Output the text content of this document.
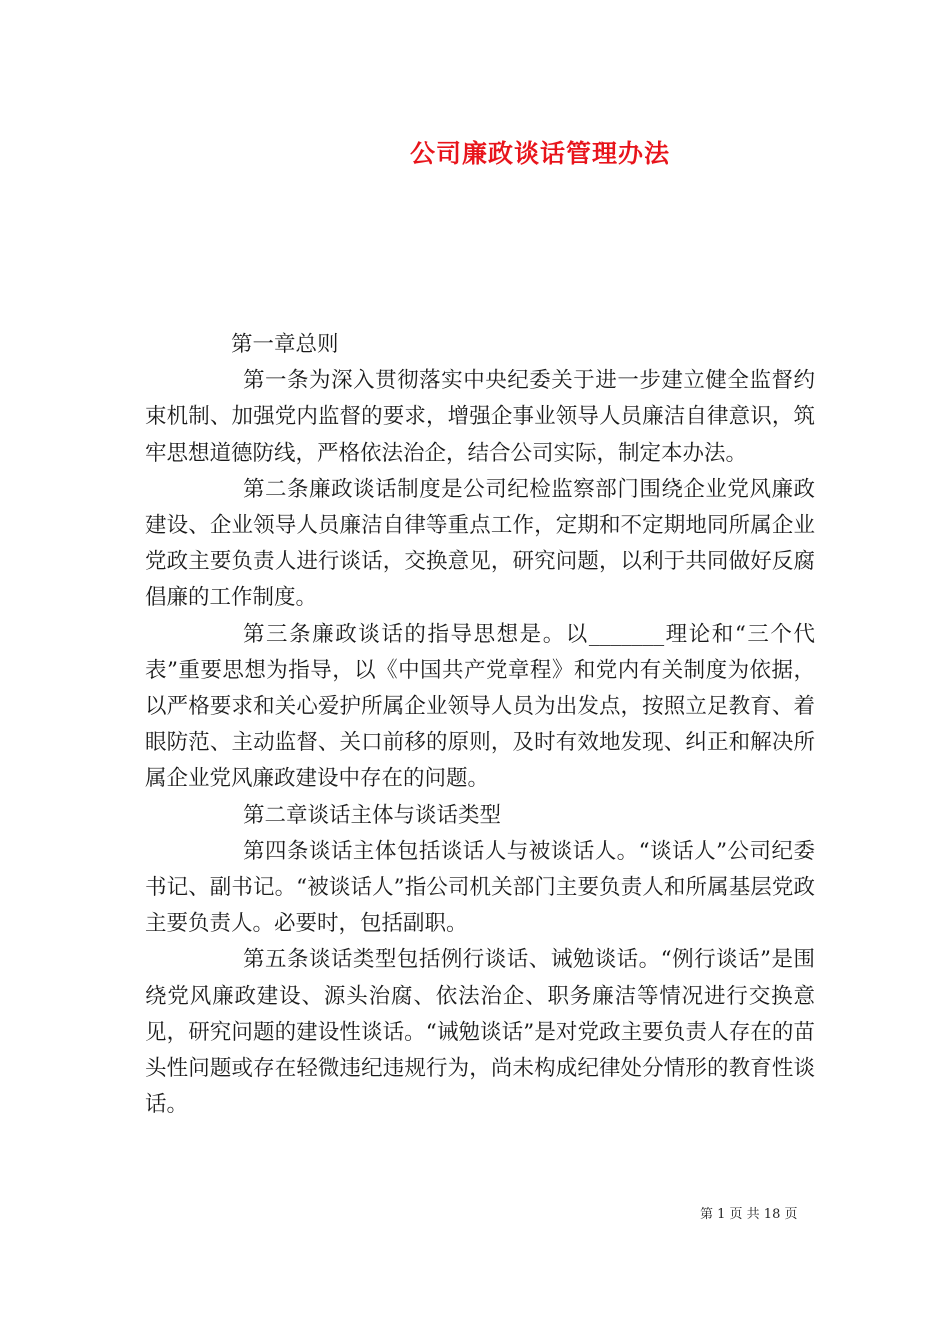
公司廉政谈话管理办法

第一章总则

第一条为深入贯彻落实中央纪委关于进一步建立健全监督约束机制、加强党内监督的要求，增强企事业领导人员廉洁自律意识，筑牢思想道德防线，严格依法治企，结合公司实际，制定本办法。

第二条廉政谈话制度是公司纪检监察部门围绕企业党风廉政建设、企业领导人员廉洁自律等重点工作，定期和不定期地同所属企业党政主要负责人进行谈话，交换意见，研究问题，以利于共同做好反腐倡廉的工作制度。

第三条廉政谈话的指导思想是。以_______理论和“三个代表”重要思想为指导，以《中国共产党章程》和党内有关制度为依据，以严格要求和关心爱护所属企业领导人员为出发点，按照立足教育、着眼防范、主动监督、关口前移的原则，及时有效地发现、纠正和解决所属企业党风廉政建设中存在的问题。

第二章谈话主体与谈话类型

第四条谈话主体包括谈话人与被谈话人。“谈话人”公司纪委书记、副书记。“被谈话人”指公司机关部门主要负责人和所属基层党政主要负责人。必要时，包括副职。

第五条谈话类型包括例行谈话、诫勉谈话。“例行谈话”是围绕党风廉政建设、源头治腐、依法治企、职务廉洁等情况进行交换意见，研究问题的建设性谈话。“诫勉谈话”是对党政主要负责人存在的苗头性问题或存在轻微违纪违规行为，尚未构成纪律处分情形的教育性谈话。

第 1 页 共 18 页
